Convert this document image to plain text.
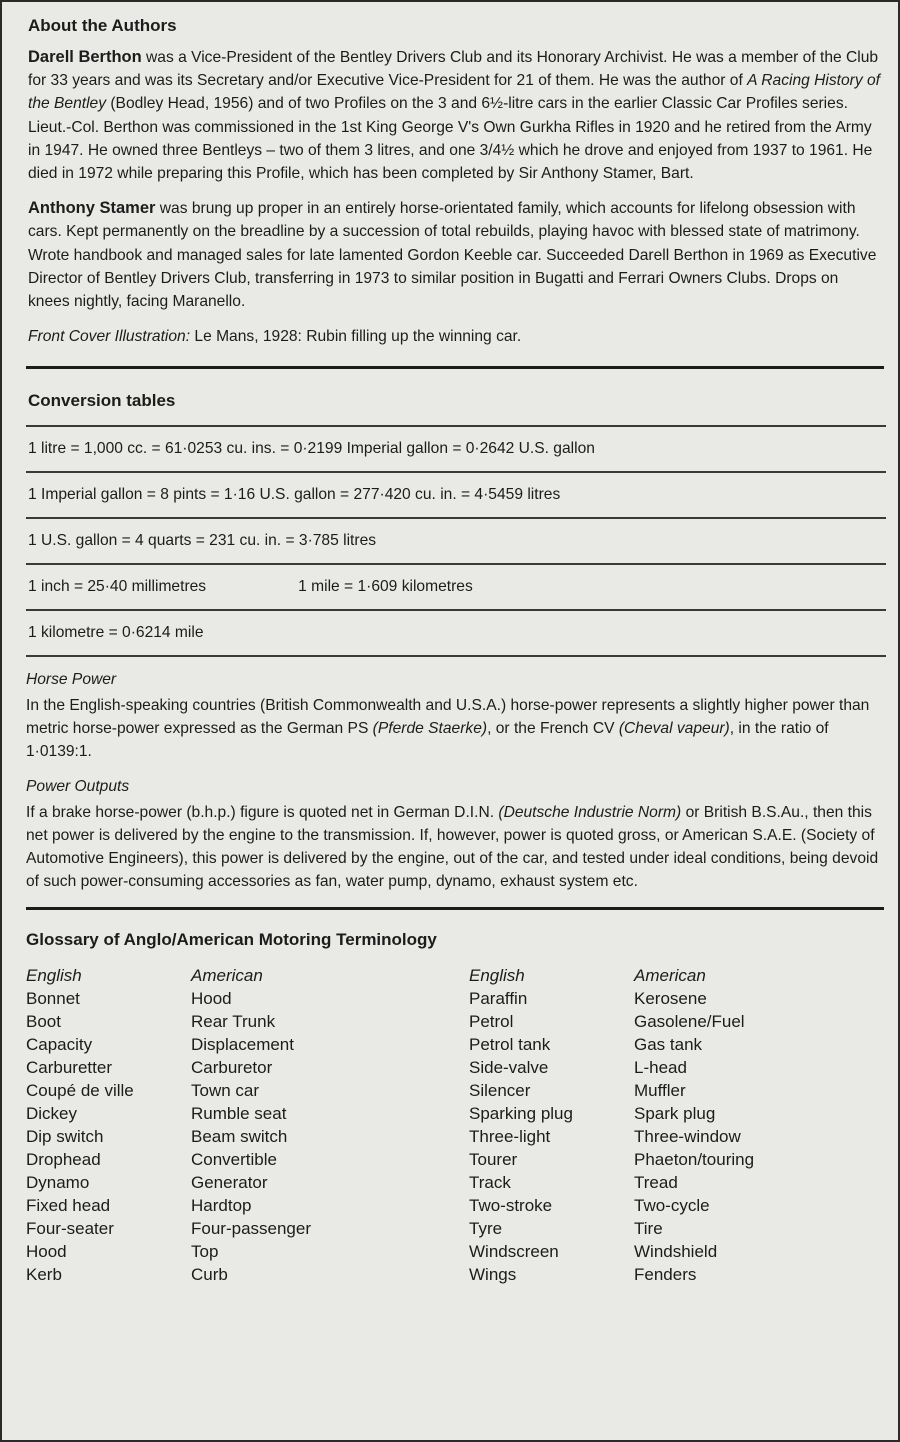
About the Authors

Darell Berthon was a Vice-President of the Bentley Drivers Club and its Honorary Archivist. He was a member of the Club for 33 years and was its Secretary and/or Executive Vice-President for 21 of them. He was the author of A Racing History of the Bentley (Bodley Head, 1956) and of two Profiles on the 3 and 6½-litre cars in the earlier Classic Car Profiles series. Lieut.-Col. Berthon was commissioned in the 1st King George V's Own Gurkha Rifles in 1920 and he retired from the Army in 1947. He owned three Bentleys – two of them 3 litres, and one 3/4½ which he drove and enjoyed from 1937 to 1961. He died in 1972 while preparing this Profile, which has been completed by Sir Anthony Stamer, Bart.

Anthony Stamer was brung up proper in an entirely horse-orientated family, which accounts for lifelong obsession with cars. Kept permanently on the breadline by a succession of total rebuilds, playing havoc with blessed state of matrimony. Wrote handbook and managed sales for late lamented Gordon Keeble car. Succeeded Darell Berthon in 1969 as Executive Director of Bentley Drivers Club, transferring in 1973 to similar position in Bugatti and Ferrari Owners Clubs. Drops on knees nightly, facing Maranello.

Front Cover Illustration: Le Mans, 1928: Rubin filling up the winning car.

Conversion tables
1 litre = 1,000 cc. = 61·0253 cu. ins. = 0·2199 Imperial gallon = 0·2642 U.S. gallon
1 Imperial gallon = 8 pints = 1·16 U.S. gallon = 277·420 cu. in. = 4·5459 litres
1 U.S. gallon = 4 quarts = 231 cu. in. = 3·785 litres
1 inch = 25·40 millimetres	1 mile = 1·609 kilometres
1 kilometre = 0·6214 mile
Horse Power

In the English-speaking countries (British Commonwealth and U.S.A.) horse-power represents a slightly higher power than metric horse-power expressed as the German PS (Pferde Staerke), or the French CV (Cheval vapeur), in the ratio of 1·0139:1.

Power Outputs

If a brake horse-power (b.h.p.) figure is quoted net in German D.I.N. (Deutsche Industrie Norm) or British B.S.Au., then this net power is delivered by the engine to the transmission. If, however, power is quoted gross, or American S.A.E. (Society of Automotive Engineers), this power is delivered by the engine, out of the car, and tested under ideal conditions, being devoid of such power-consuming accessories as fan, water pump, dynamo, exhaust system etc.

Glossary of Anglo/American Motoring Terminology
English
Bonnet
Boot
Capacity
Carburetter
Coupé de ville
Dickey
Dip switch
Drophead
Dynamo
Fixed head
Four-seater
Hood
Kerb
American
Hood
Rear Trunk
Displacement
Carburetor
Town car
Rumble seat
Beam switch
Convertible
Generator
Hardtop
Four-passenger
Top
Curb
English
Paraffin
Petrol
Petrol tank
Side-valve
Silencer
Sparking plug
Three-light
Tourer
Track
Two-stroke
Tyre
Windscreen
Wings
American
Kerosene
Gasolene/Fuel
Gas tank
L-head
Muffler
Spark plug
Three-window
Phaeton/touring
Tread
Two-cycle
Tire
Windshield
Fenders
